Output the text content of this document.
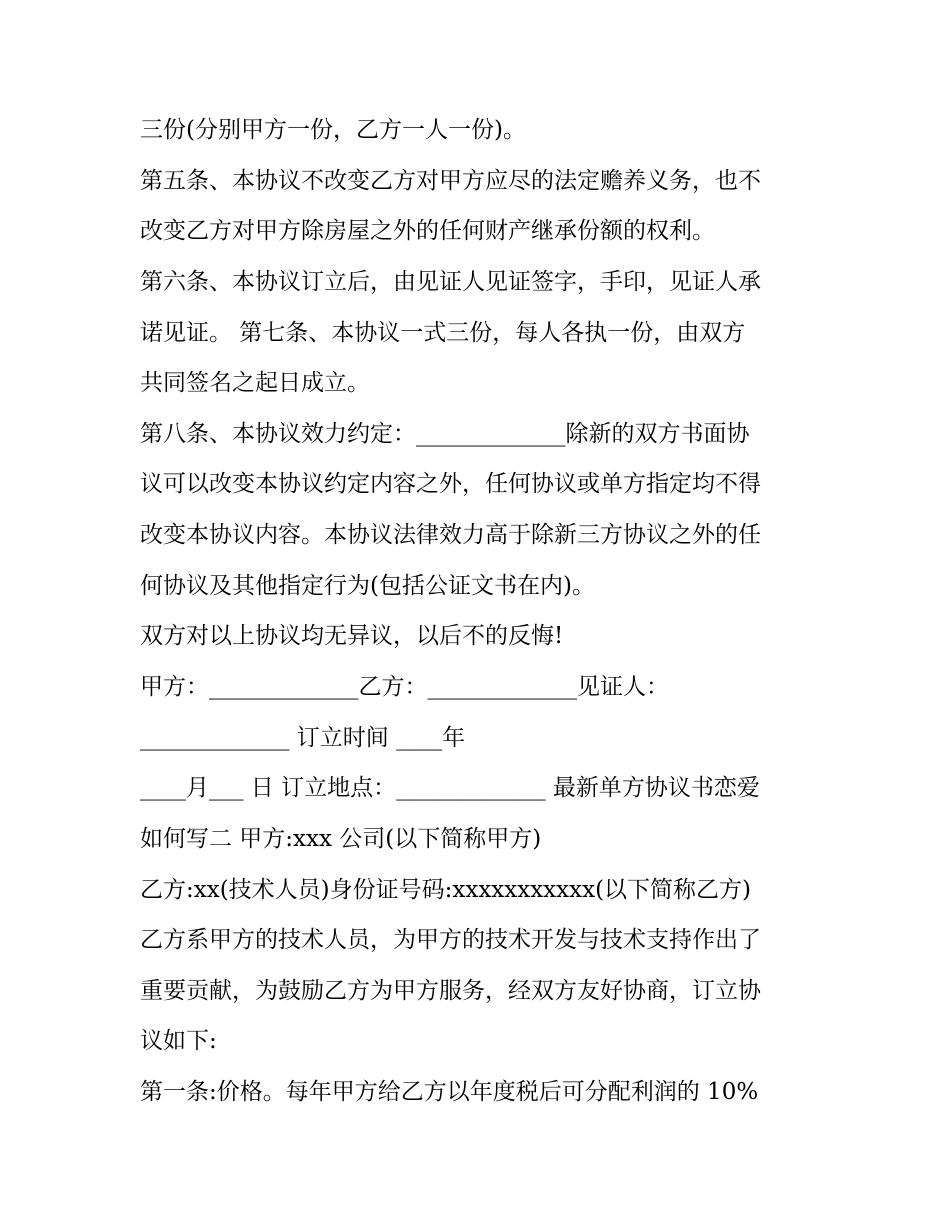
三份(分别甲方一份，乙方一人一份)。
第五条、本协议不改变乙方对甲方应尽的法定赡养义务，也不
改变乙方对甲方除房屋之外的任何财产继承份额的权利。
第六条、本协议订立后，由见证人见证签字，手印，见证人承
诺见证。 第七条、本协议一式三份，每人各执一份，由双方
共同签名之起日成立。
第八条、本协议效力约定：_____________除新的双方书面协
议可以改变本协议约定内容之外，任何协议或单方指定均不得
改变本协议内容。本协议法律效力高于除新三方协议之外的任
何协议及其他指定行为(包括公证文书在内)。
双方对以上协议均无异议，以后不的反悔!
甲方：_____________乙方：_____________见证人：
_____________ 订立时间 ____年
____月___ 日 订立地点：_____________ 最新单方协议书恋爱
如何写二 甲方:xxx 公司(以下简称甲方)
乙方:xx(技术人员)身份证号码:xxxxxxxxxxx(以下简称乙方)
乙方系甲方的技术人员，为甲方的技术开发与技术支持作出了
重要贡献，为鼓励乙方为甲方服务，经双方友好协商，订立协
议如下:
第一条:价格。每年甲方给乙方以年度税后可分配利润的 10%
